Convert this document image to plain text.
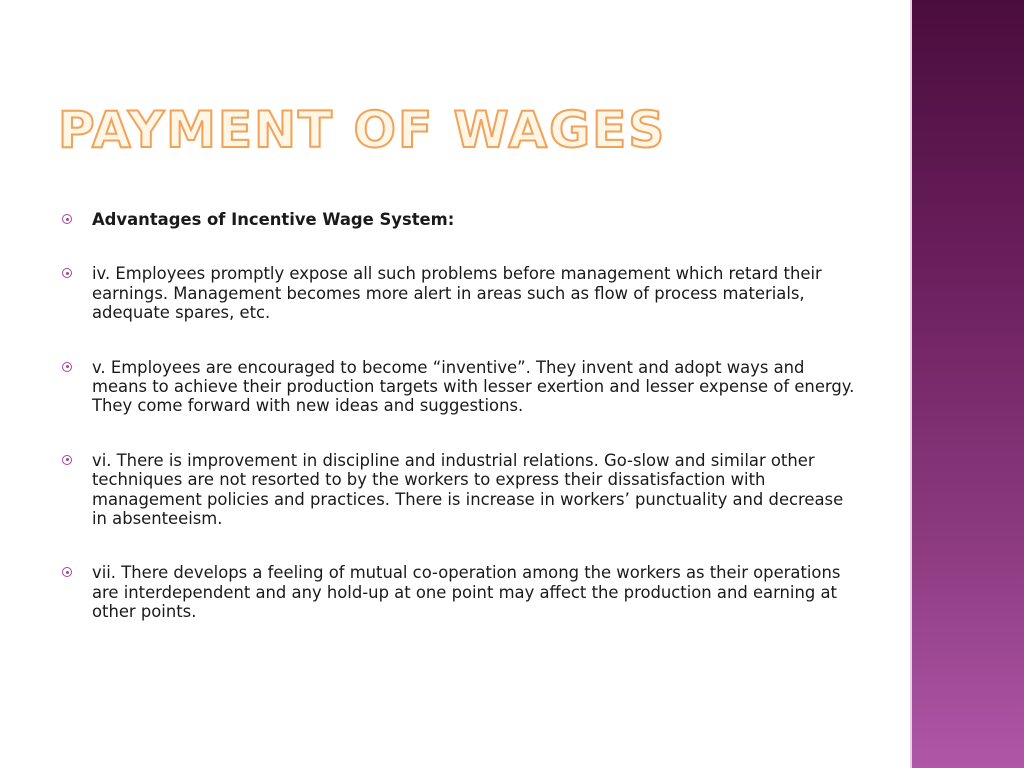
PAYMENT OF WAGES
Advantages of Incentive Wage System:
iv. Employees promptly expose all such problems before management which retard their earnings. Management becomes more alert in areas such as flow of process materials, adequate spares, etc.
v. Employees are encouraged to become “inventive”. They invent and adopt ways and means to achieve their production targets with lesser exertion and lesser expense of energy. They come forward with new ideas and suggestions.
vi. There is improvement in discipline and industrial relations. Go-slow and similar other techniques are not resorted to by the workers to express their dissatisfaction with management policies and practices. There is increase in workers’ punctuality and decrease in absenteeism.
vii. There develops a feeling of mutual co-operation among the workers as their operations are interdependent and any hold-up at one point may affect the production and earning at other points.
